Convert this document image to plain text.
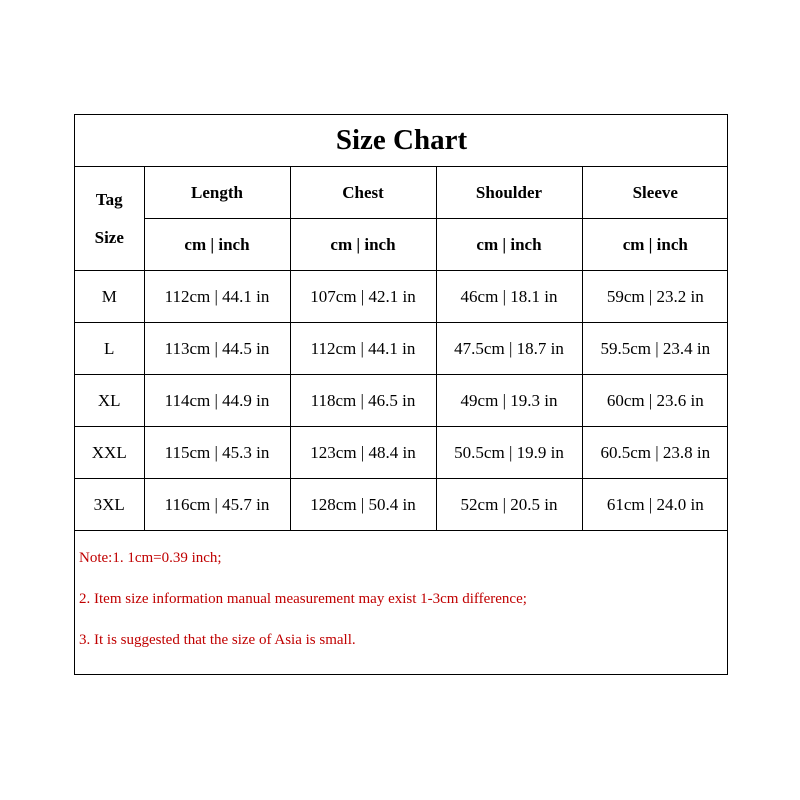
Size Chart				

Tag
Size	Length	Chest	Shoulder	Sleeve
	cm | inch	cm | inch	cm | inch	cm | inch
M	112cm | 44.1 in	107cm | 42.1 in	46cm | 18.1 in	59cm | 23.2 in
L	113cm | 44.5 in	112cm | 44.1 in	47.5cm | 18.7 in	59.5cm | 23.4 in
XL	114cm | 44.9 in	118cm | 46.5 in	49cm | 19.3 in	60cm | 23.6 in
XXL	115cm | 45.3 in	123cm | 48.4 in	50.5cm | 19.9 in	60.5cm | 23.8 in
3XL	116cm | 45.7 in	128cm | 50.4 in	52cm | 20.5 in	61cm | 24.0 in
Note:1. 1cm=0.39 inch;
2. Item size information manual measurement may exist 1-3cm difference;
3. It is suggested that the size of Asia is small.
